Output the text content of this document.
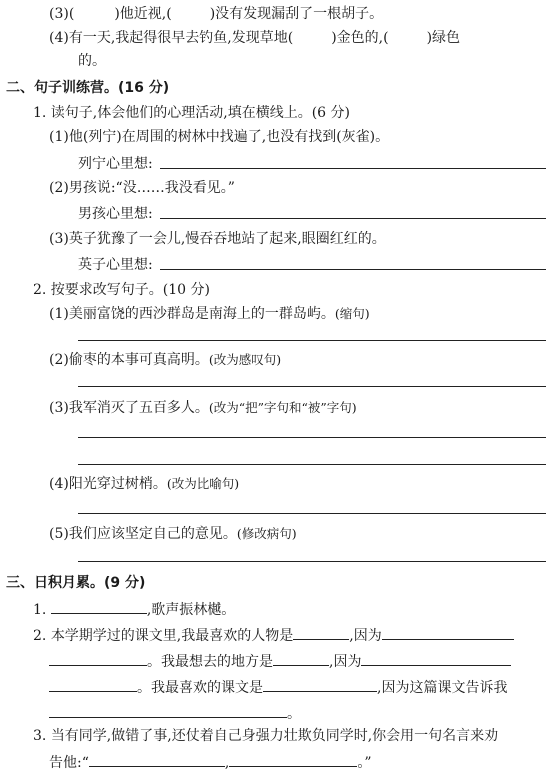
(3)(	)他近视,(	)没有发现漏刮了一根胡子。
(4)有一天,我起得很早去钓鱼,发现草地(	)金色的,(	)绿色
的。
二、句子训练营。(16 分)
1. 读句子,体会他们的心理活动,填在横线上。(6 分)
(1)他(列宁)在周围的树林中找遍了,也没有找到(灰雀)。
列宁心里想:
(2)男孩说:“没……我没看见。”
男孩心里想:
(3)英子犹豫了一会儿,慢吞吞地站了起来,眼圈红红的。
英子心里想:
2. 按要求改写句子。(10 分)
(1)美丽富饶的西沙群岛是南海上的一群岛屿。(缩句)
(2)偷枣的本事可真高明。(改为感叹句)
(3)我军消灭了五百多人。(改为“把”字句和“被”字句)
(4)阳光穿过树梢。(改为比喻句)
(5)我们应该坚定自己的意见。(修改病句)
三、日积月累。(9 分)
1.	,歌声振林樾。
2. 本学期学过的课文里,我最喜欢的人物是	,因为
。我最想去的地方是	,因为
。我最喜欢的课文是	,因为这篇课文告诉我
。
3. 当有同学,做错了事,还仗着自己身强力壮欺负同学时,你会用一句名言来劝
告他:“	,	。”
